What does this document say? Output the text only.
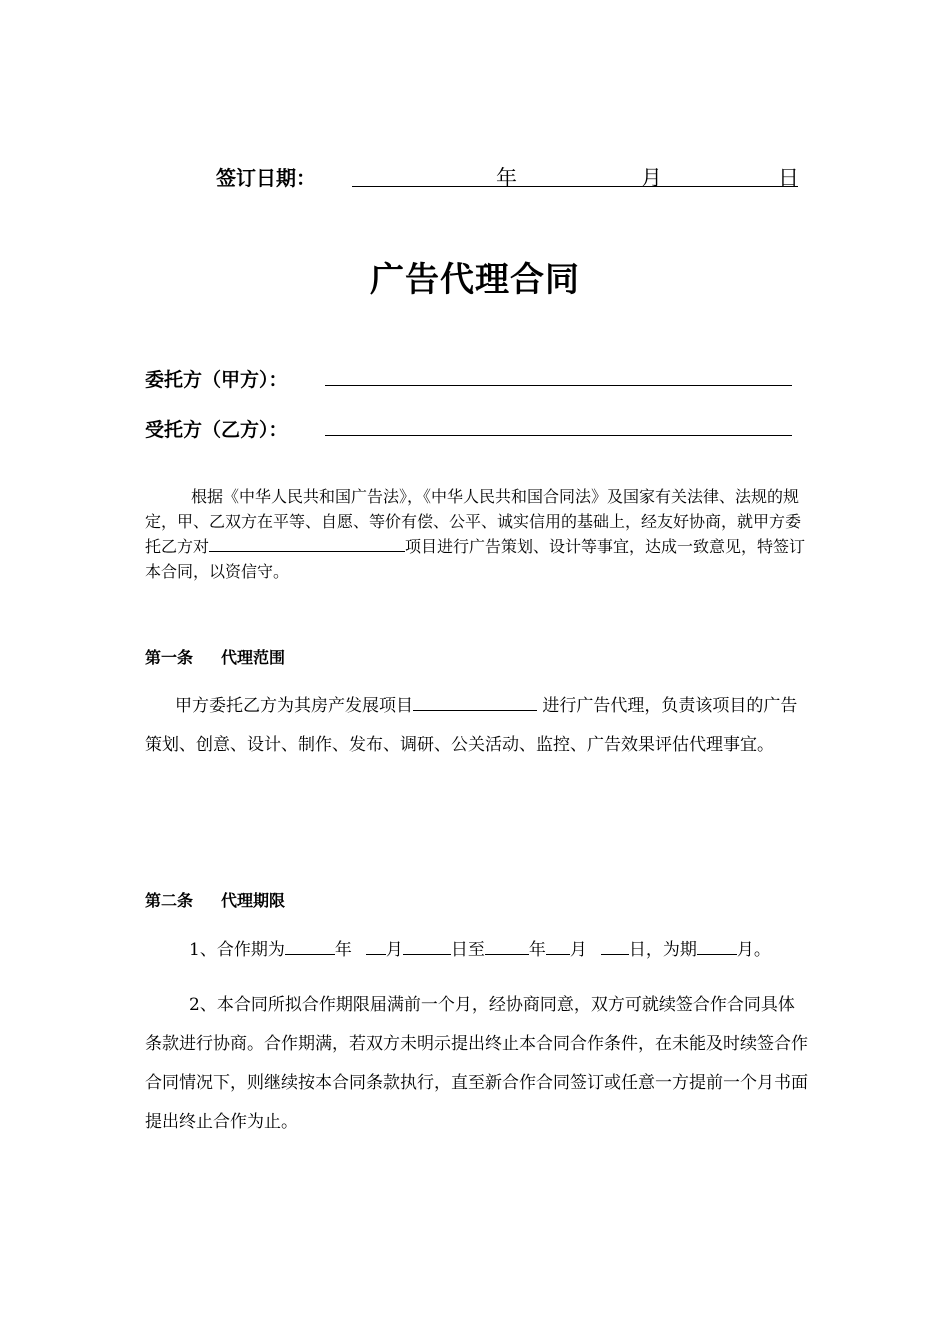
签订日期：	年	月	日
广告代理合同
委托方（甲方）：
受托方（乙方）：
根据《中华人民共和国广告法》，《中华人民共和国合同法》及国家有关法律、法规的规定，甲、乙双方在平等、自愿、等价有偿、公平、诚实信用的基础上，经友好协商，就甲方委托乙方对	项目进行广告策划、设计等事宜，达成一致意见，特签订本合同，以资信守。
第一条 代理范围
甲方委托乙方为其房产发展项目	进行广告代理，负责该项目的广告策划、创意、设计、制作、发布、调研、公关活动、监控、广告效果评估代理事宜。
第二条 代理期限
1、合作期为	年 月	日至	年 月 日，为期 月。
2、本合同所拟合作期限届满前一个月，经协商同意，双方可就续签合作合同具体条款进行协商。合作期满，若双方未明示提出终止本合同合作条件，在未能及时续签合作合同情况下，则继续按本合同条款执行，直至新合作合同签订或任意一方提前一个月书面提出终止合作为止。
